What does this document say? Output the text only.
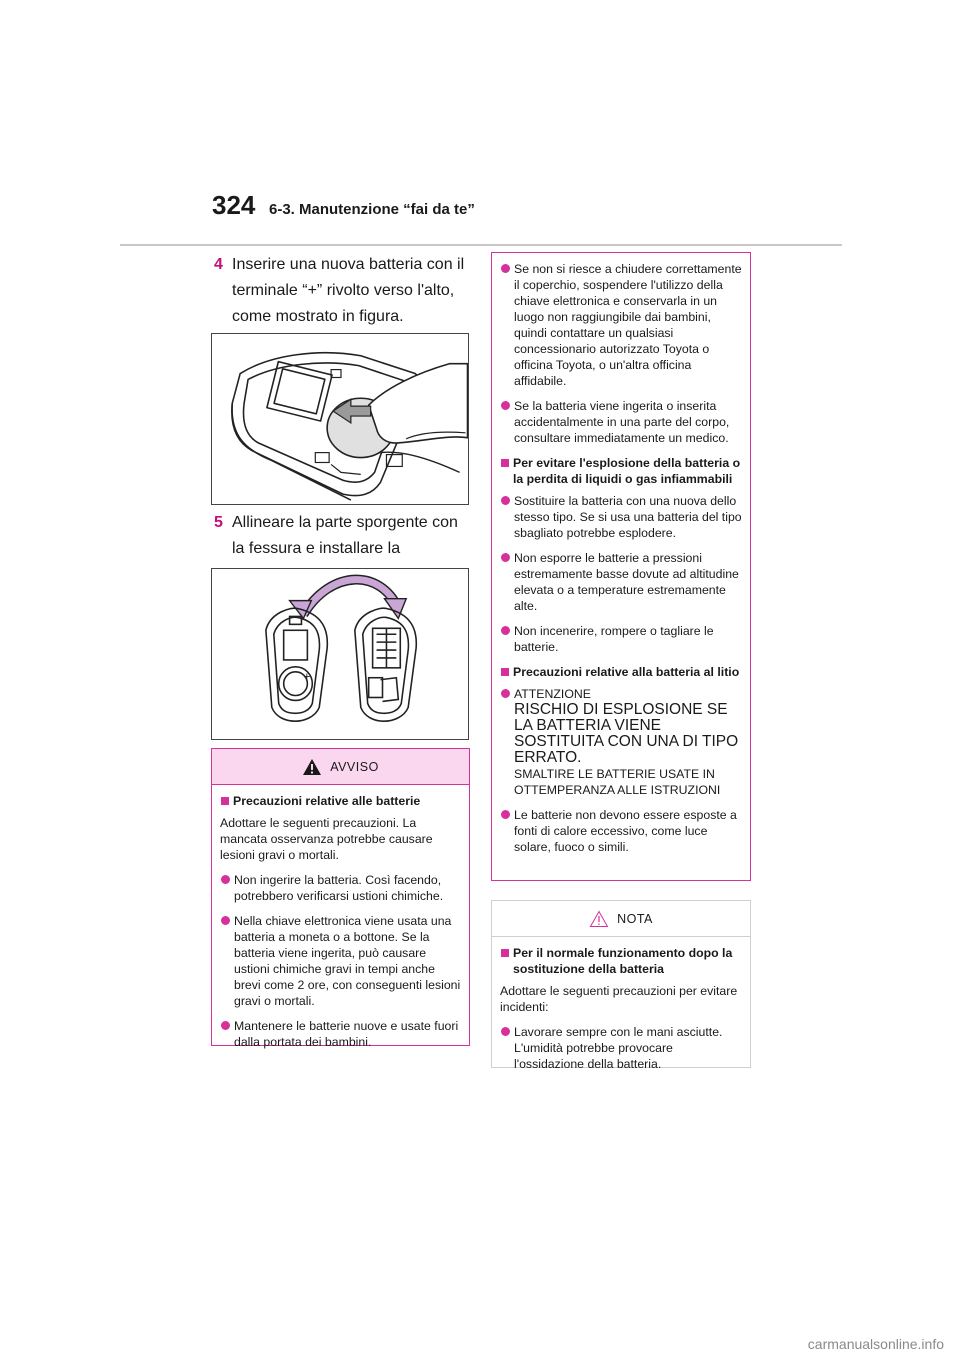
324 6-3. Manutenzione “fai da te”
4 Inserire una nuova batteria con il terminale “+” rivolto verso l'alto, come mostrato in figura.
5 Allineare la parte sporgente con la fessura e installare la
+
AVVISO
Precauzioni relative alle batterie
Adottare le seguenti precauzioni. La mancata osservanza potrebbe causare lesioni gravi o mortali.
Non ingerire la batteria. Così facendo, potrebbero verificarsi ustioni chimiche.
Nella chiave elettronica viene usata una batteria a moneta o a bottone. Se la batteria viene ingerita, può causare ustioni chimiche gravi in tempi anche brevi come 2 ore, con conseguenti lesioni gravi o mortali.
Mantenere le batterie nuove e usate fuori dalla portata dei bambini.
Se non si riesce a chiudere correttamente il coperchio, sospendere l'utilizzo della chiave elettronica e conservarla in un luogo non raggiungibile dai bambini, quindi contattare un qualsiasi concessionario autorizzato Toyota o officina Toyota, o un'altra officina affidabile.
Se la batteria viene ingerita o inserita accidentalmente in una parte del corpo, consultare immediatamente un medico.
Per evitare l'esplosione della batteria o la perdita di liquidi o gas infiammabili
Sostituire la batteria con una nuova dello stesso tipo. Se si usa una batteria del tipo sbagliato potrebbe esplodere.
Non esporre le batterie a pressioni estremamente basse dovute ad altitudine elevata o a temperature estremamente alte.
Non incenerire, rompere o tagliare le batterie.
Precauzioni relative alla batteria al litio
ATTENZIONE
RISCHIO DI ESPLOSIONE SE LA BATTERIA VIENE SOSTITUITA CON UNA DI TIPO ERRATO.
SMALTIRE LE BATTERIE USATE IN OTTEMPERANZA ALLE ISTRUZIONI
Le batterie non devono essere esposte a fonti di calore eccessivo, come luce solare, fuoco o simili.
NOTA
Per il normale funzionamento dopo la sostituzione della batteria
Adottare le seguenti precauzioni per evitare incidenti:
Lavorare sempre con le mani asciutte. L'umidità potrebbe provocare l'ossidazione della batteria.
carmanualsonline.info
